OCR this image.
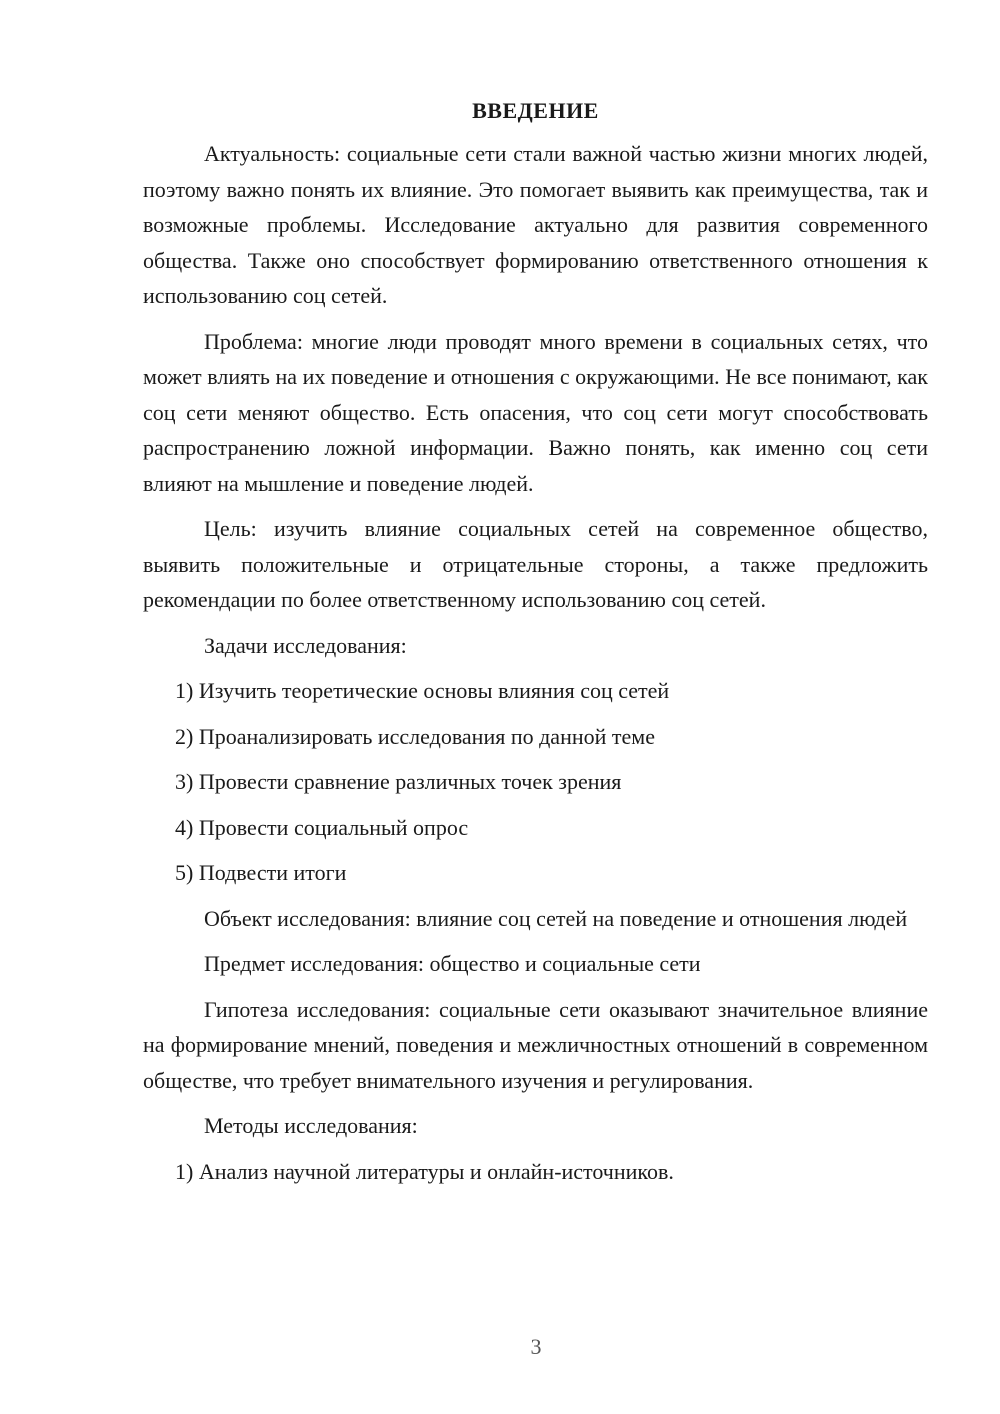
ВВЕДЕНИЕ
Актуальность: социальные сети стали важной частью жизни многих людей, поэтому важно понять их влияние. Это помогает выявить как преимущества, так и возможные проблемы. Исследование актуально для развития современного общества. Также оно способствует формированию ответственного отношения к использованию соц сетей.
Проблема: многие люди проводят много времени в социальных сетях, что может влиять на их поведение и отношения с окружающими. Не все понимают, как соц сети меняют общество. Есть опасения, что соц сети могут способствовать распространению ложной информации. Важно понять, как именно соц сети влияют на мышление и поведение людей.
Цель: изучить влияние социальных сетей на современное общество, выявить положительные и отрицательные стороны, а также предложить рекомендации по более ответственному использованию соц сетей.
Задачи исследования:
1) Изучить теоретические основы влияния соц сетей
2) Проанализировать исследования по данной теме
3) Провести сравнение различных точек зрения
4) Провести социальный опрос
5) Подвести итоги
Объект исследования: влияние соц сетей на поведение и отношения людей
Предмет исследования: общество и социальные сети
Гипотеза исследования: социальные сети оказывают значительное влияние на формирование мнений, поведения и межличностных отношений в современном обществе, что требует внимательного изучения и регулирования.
Методы исследования:
1) Анализ научной литературы и онлайн-источников.
3
